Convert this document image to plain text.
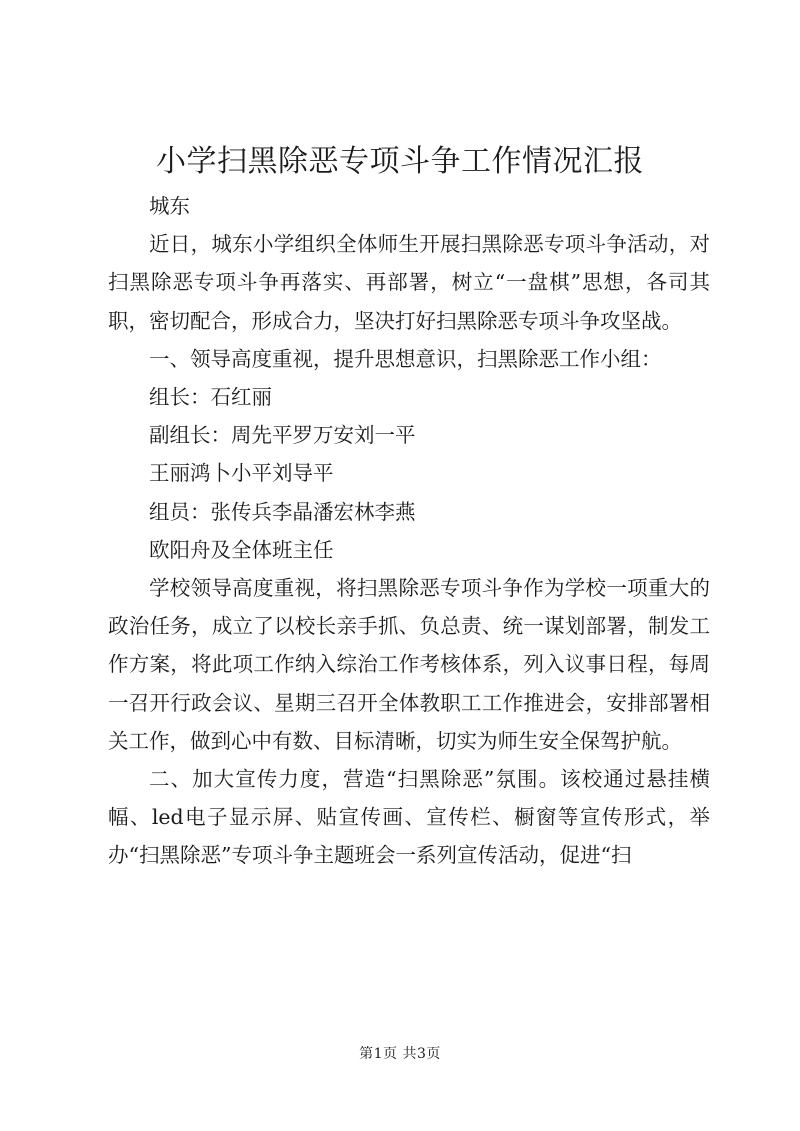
小学扫黑除恶专项斗争工作情况汇报

城东

近日，城东小学组织全体师生开展扫黑除恶专项斗争活动，对扫黑除恶专项斗争再落实、再部署，树立“一盘棋”思想，各司其职，密切配合，形成合力，坚决打好扫黑除恶专项斗争攻坚战。

一、领导高度重视，提升思想意识，扫黑除恶工作小组：

组长：石红丽

副组长：周先平罗万安刘一平

王丽鸿卜小平刘导平

组员：张传兵李晶潘宏林李燕

欧阳舟及全体班主任

学校领导高度重视，将扫黑除恶专项斗争作为学校一项重大的政治任务，成立了以校长亲手抓、负总责、统一谋划部署，制发工作方案，将此项工作纳入综治工作考核体系，列入议事日程，每周一召开行政会议、星期三召开全体教职工工作推进会，安排部署相关工作，做到心中有数、目标清晰，切实为师生安全保驾护航。

二、加大宣传力度，营造“扫黑除恶”氛围。该校通过悬挂横幅、led电子显示屏、贴宣传画、宣传栏、橱窗等宣传形式，举办“扫黑除恶”专项斗争主题班会一系列宣传活动，促进“扫

第1页 共3页
